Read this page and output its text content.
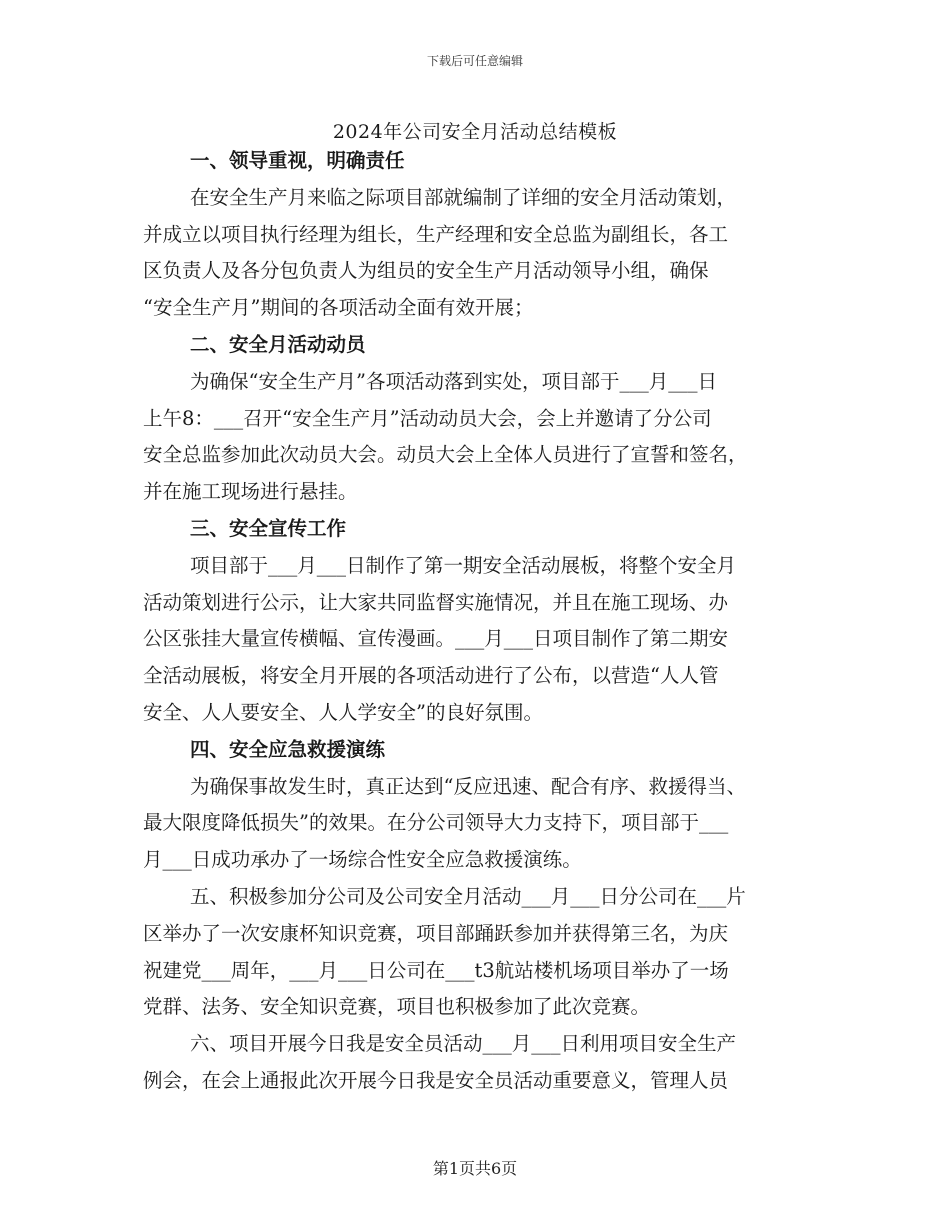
下载后可任意编辑
2024年公司安全月活动总结模板
一、领导重视，明确责任
在安全生产月来临之际项目部就编制了详细的安全月活动策划，
并成立以项目执行经理为组长，生产经理和安全总监为副组长，各工
区负责人及各分包负责人为组员的安全生产月活动领导小组，确保
“安全生产月”期间的各项活动全面有效开展；
二、安全月活动动员
为确保“安全生产月”各项活动落到实处，项目部于___月___日
上午8：___召开“安全生产月”活动动员大会，会上并邀请了分公司
安全总监参加此次动员大会。动员大会上全体人员进行了宣誓和签名，
并在施工现场进行悬挂。
三、安全宣传工作
项目部于___月___日制作了第一期安全活动展板，将整个安全月
活动策划进行公示，让大家共同监督实施情况，并且在施工现场、办
公区张挂大量宣传横幅、宣传漫画。___月___日项目制作了第二期安
全活动展板，将安全月开展的各项活动进行了公布，以营造“人人管
安全、人人要安全、人人学安全”的良好氛围。
四、安全应急救援演练
为确保事故发生时，真正达到“反应迅速、配合有序、救援得当、
最大限度降低损失”的效果。在分公司领导大力支持下，项目部于___
月___日成功承办了一场综合性安全应急救援演练。
五、积极参加分公司及公司安全月活动___月___日分公司在___片
区举办了一次安康杯知识竞赛，项目部踊跃参加并获得第三名，为庆
祝建党___周年，___月___日公司在___t3航站楼机场项目举办了一场
党群、法务、安全知识竞赛，项目也积极参加了此次竞赛。
六、项目开展今日我是安全员活动___月___日利用项目安全生产
例会，在会上通报此次开展今日我是安全员活动重要意义，管理人员
第1页共6页
